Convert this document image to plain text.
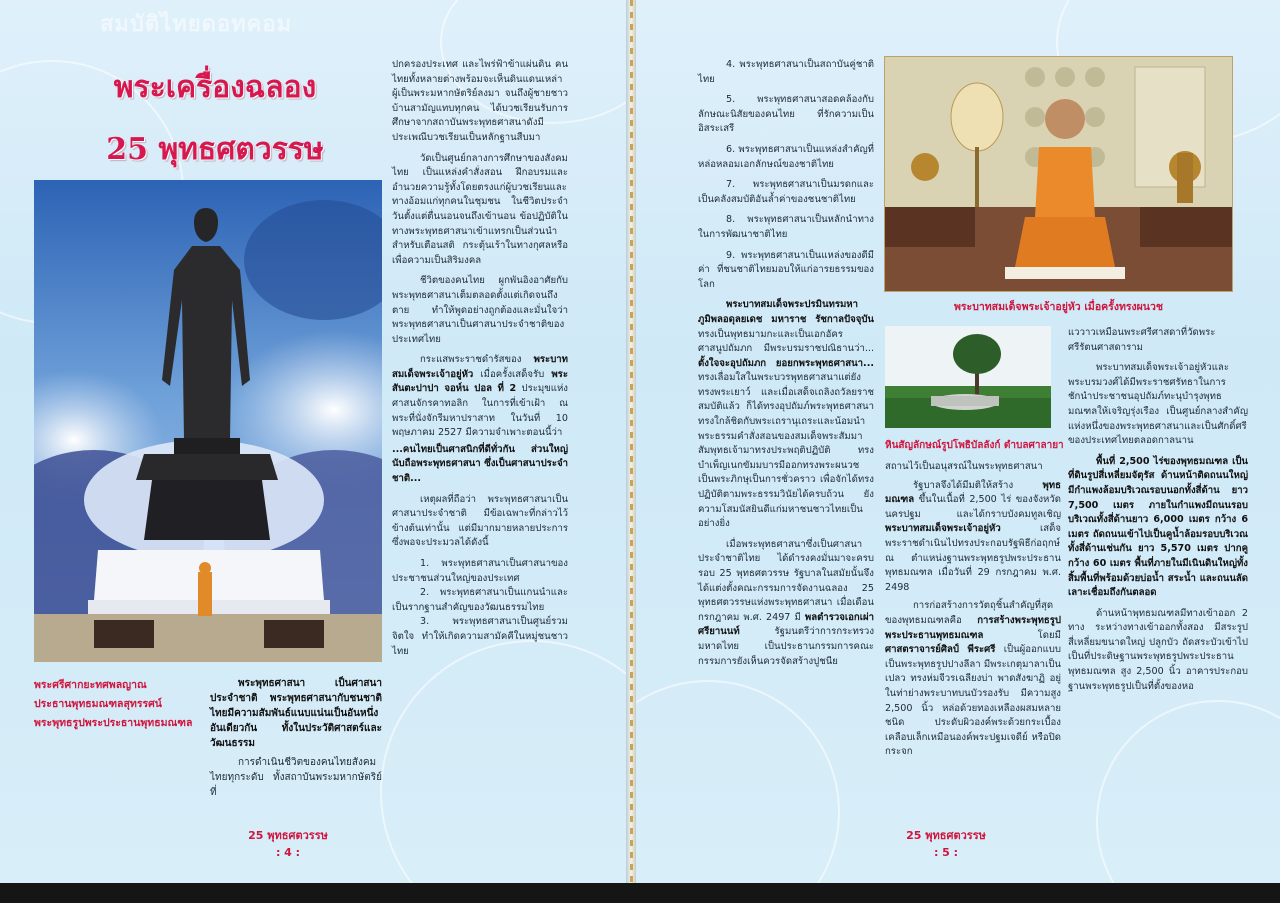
สมบัติไทยดอทคอม
พระเครื่องฉลอง
25 พุทธศตวรรษ
พระศรีศากยะทศพลญาณ
ประธานพุทธมณฑลสุทรรศน์
พระพุทธรูปพระประธานพุทธมณฑล

พระพุทธศาสนา เป็นศาสนาประจำชาติ พระพุทธศาสนากับชนชาติไทยมีความสัมพันธ์แนบแน่นเป็นอันหนึ่งอันเดียวกัน ทั้งในประวัติศาสตร์และวัฒนธรรม

การดำเนินชีวิตของคนไทยสังคมไทยทุกระดับ ทั้งสถาบันพระมหากษัตริย์ที่

ปกครองประเทศ และไพร่ฟ้าข้าแผ่นดิน คนไทยทั้งหลายต่างพร้อมจะเห็นดินแดนเหล่าผู้เป็นพระมหากษัตริย์ลงมา จนถึงผู้ชายชาวบ้านสามัญแทบทุกคน ได้บวชเรียนรับการศึกษาจากสถาบันพระพุทธศาสนาดังมีประเพณีบวชเรียนเป็นหลักฐานสืบมา

วัดเป็นศูนย์กลางการศึกษาของสังคมไทย เป็นแหล่งคำสั่งสอน ฝึกอบรมและอำนวยความรู้ทั้งโดยตรงแก่ผู้บวชเรียนและทางอ้อมแก่ทุกคนในชุมชน ในชีวิตประจำวันตั้งแต่ตื่นนอนจนถึงเข้านอน ข้อปฏิบัติในทางพระพุทธศาสนาเข้าแทรกเป็นส่วนนำสำหรับเตือนสติ กระตุ้นเร้าในทางกุศลหรือเพื่อความเป็นสิริมงคล

ชีวิตของคนไทย ผูกพันอิงอาศัยกับพระพุทธศาสนาเต็มตลอดตั้งแต่เกิดจนถึงตาย ทำให้พูดอย่างถูกต้องและมั่นใจว่า พระพุทธศาสนาเป็นศาสนาประจำชาติของประเทศไทย

กระแสพระราชดำรัสของ พระบาทสมเด็จพระเจ้าอยู่หัว เมื่อครั้งเสด็จรับ พระสันตะปาปา จอห์น ปอล ที่ 2 ประมุขแห่งศาสนจักรคาทอลิก ในการที่เข้าเฝ้า ณ พระที่นั่งจักรีมหาปราสาท ในวันที่ 10 พฤษภาคม 2527 มีความจำเพาะตอนนี้ว่า

...คนไทยเป็นศาสนิกที่ดีทั่วกัน ส่วนใหญ่นับถือพระพุทธศาสนา ซึ่งเป็นศาสนาประจำชาติ...

เหตุผลที่ถือว่า พระพุทธศาสนาเป็นศาสนาประจำชาติ มีข้อเฉพาะที่กล่าวไว้ข้างต้นเท่านั้น แต่มีมากมายหลายประการ ซึ่งพอจะประมวลได้ดังนี้

1. พระพุทธศาสนาเป็นศาสนาของประชาชนส่วนใหญ่ของประเทศ

2. พระพุทธศาสนาเป็นแกนนำและเป็นรากฐานสำคัญของวัฒนธรรมไทย

3. พระพุทธศาสนาเป็นศูนย์รวมจิตใจ ทำให้เกิดความสามัคคีในหมู่ชนชาวไทย

25 พุทธศตวรรษ
: 4 :

4. พระพุทธศาสนาเป็นสถาบันคู่ชาติไทย

5. พระพุทธศาสนาสอดคล้องกับลักษณะนิสัยของคนไทย ที่รักความเป็นอิสระเสรี

6. พระพุทธศาสนาเป็นแหล่งสำคัญที่หล่อหลอมเอกลักษณ์ของชาติไทย

7. พระพุทธศาสนาเป็นมรดกและเป็นคลังสมบัติอันล้ำค่าของชนชาติไทย

8. พระพุทธศาสนาเป็นหลักนำทางในการพัฒนาชาติไทย

9. พระพุทธศาสนาเป็นแหล่งของดีมีค่า ที่ชนชาติไทยมอบให้แก่อารยธรรมของโลก

พระบาทสมเด็จพระปรมินทรมหาภูมิพลอดุลยเดช มหาราช รัชกาลปัจจุบัน ทรงเป็นพุทธมามกะและเป็นเอกอัครศาสนูปถัมภก มีพระบรมราชปณิธานว่า... ตั้งใจจะอุปถัมภก ยอยกพระพุทธศาสนา... ทรงเลื่อมใสในพระบวรพุทธศาสนาแต่ยังทรงพระเยาว์ และเมื่อเสด็จเถลิงถวัลยราชสมบัติแล้ว ก็ได้ทรงอุปถัมภ์พระพุทธศาสนา ทรงใกล้ชิดกับพระเถรานุเถระและน้อมนำพระธรรมคำสั่งสอนของสมเด็จพระสัมมาสัมพุทธเจ้ามาทรงประพฤติปฏิบัติ ทรงบำเพ็ญเนกขัมมบารมีออกทรงพระผนวชเป็นพระภิกษุเป็นการชั่วคราว เพื่อจักได้ทรงปฏิบัติตามพระธรรมวินัยได้ครบถ้วน ยังความโสมนัสยินดีแก่มหาชนชาวไทยเป็นอย่างยิ่ง

เมื่อพระพุทธศาสนาซึ่งเป็นศาสนาประจำชาติไทย ได้ดำรงคงมั่นมาจะครบรอบ 25 พุทธศตวรรษ รัฐบาลในสมัยนั้นจึงได้แต่งตั้งคณะกรรมการจัดงานฉลอง 25 พุทธศตวรรษแห่งพระพุทธศาสนา เมื่อเดือนกรกฎาคม พ.ศ. 2497 มี พลตำรวจเอกเผ่า ศรียานนท์	รัฐมนตรีว่าการกระทรวงมหาดไทย เป็นประธานกรรมการคณะกรรมการยังเห็นควรจัดสร้างปูชนีย

พระบาทสมเด็จพระเจ้าอยู่หัว เมื่อครั้งทรงผนวช
หินสัญลักษณ์รูปโพธิบัลลังก์ ตำบลศาลายา

สถานไว้เป็นอนุสรณ์ในพระพุทธศาสนา

รัฐบาลจึงได้มีมติให้สร้าง	พุทธมณฑล ขึ้นในเนื้อที่ 2,500 ไร่ ของจังหวัดนครปฐม และได้กราบบังคมทูลเชิญ พระบาทสมเด็จพระเจ้าอยู่หัว	เสด็จพระราชดำเนินไปทรงประกอบรัฐพิธีก่อฤกษ์ ณ ตำแหน่งฐานพระพุทธรูปพระประธานพุทธมณฑล เมื่อวันที่ 29 กรกฎาคม พ.ศ. 2498

การก่อสร้างการวัตถุชิ้นสำคัญที่สุดของพุทธมณฑลคือ การสร้างพระพุทธรูปพระประธานพุทธมณฑล	โดยมี ศาสตราจารย์ศิลป์ พีระศรี เป็นผู้ออกแบบเป็นพระพุทธรูปปางลีลา มีพระเกตุมาลาเป็นเปลว ทรงห่มจีวรเฉลียงบ่า พาดสังฆาฏิ อยู่ในท่าย่างพระบาทบนบัวรองรับ มีความสูง 2,500 นิ้ว หล่อด้วยทองเหลืองผสมหลายชนิด ประดับผิวองค์พระด้วยกระเบื้องเคลือบเล็กเหมือนองค์พระปฐมเจดีย์ หรือปิดกระจก

แววาวเหมือนพระศรีศาสดาที่วัดพระศรีรัตนศาสดาราม

พระบาทสมเด็จพระเจ้าอยู่หัวและพระบรมวงศ์ได้มีพระราชศรัทธาในการชักนำประชาชนอุปถัมภ์ทะนุบำรุงพุทธมณฑลให้เจริญรุ่งเรือง เป็นศูนย์กลางสำคัญแห่งหนึ่งของพระพุทธศาสนาและเป็นศักดิ์ศรีของประเทศไทยตลอดกาลนาน

พื้นที่ 2,500 ไร่ของพุทธมณฑล เป็นที่ดินรูปสี่เหลี่ยมจัตุรัส ด้านหน้าติดถนนใหญ่ มีกำแพงล้อมบริเวณรอบนอกทั้งสี่ด้าน ยาว 7,500 เมตร ภายในกำแพงมีถนนรอบบริเวณทั้งสี่ด้านยาว 6,000 เมตร กว้าง 6 เมตร ถัดถนนเข้าไปเป็นคูน้ำล้อมรอบบริเวณทั้งสี่ด้านเช่นกัน ยาว 5,570 เมตร ปากคูกว้าง 60 เมตร พื้นที่ภายในมีเนินดินใหญ่ทั้งสิ้มพื้นที่พร้อมด้วยบ่อน้ำ สระน้ำ และถนนลัดเลาะเชื่อมถึงกันตลอด

ด้านหน้าพุทธมณฑลมีทางเข้าออก 2 ทาง ระหว่างทางเข้าออกทั้งสอง มีสระรูปสี่เหลี่ยมขนาดใหญ่ ปลูกบัว ถัดสระบัวเข้าไปเป็นที่ประดิษฐานพระพุทธรูปพระประธานพุทธมณฑล สูง 2,500 นิ้ว อาคารประกอบฐานพระพุทธรูปเป็นที่ตั้งของหอ

25 พุทธศตวรรษ
: 5 :
